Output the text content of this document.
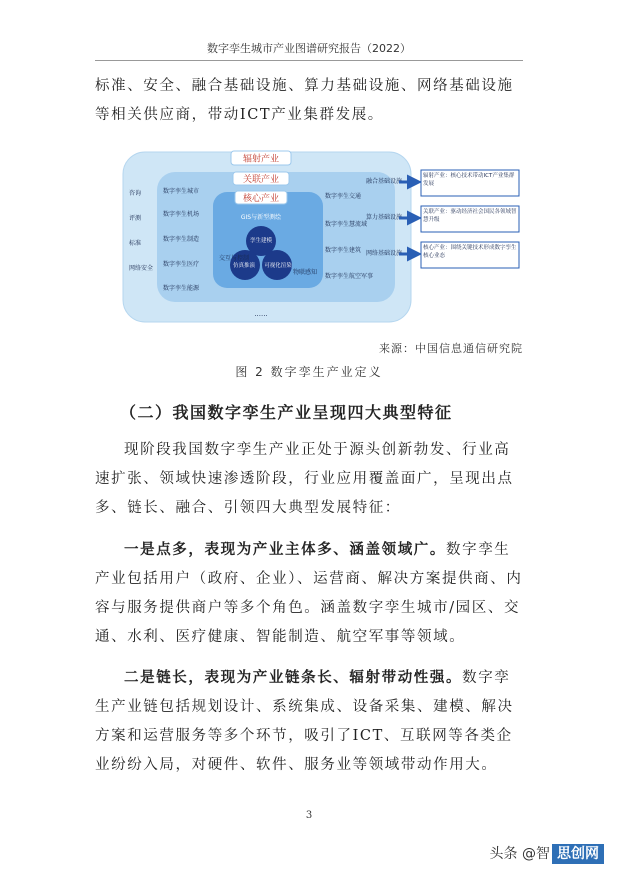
数字孪生城市产业图谱研究报告（2022）
标准、安全、融合基础设施、算力基础设施、网络基础设施等相关供应商，带动ICT产业集群发展。
辐射产业
关联产业
核心产业
GIS与新型测绘
孪生建模
仿真推演 可视化渲染
交互与控制
物联感知
咨询
评测
标准
网络安全
数字孪生城市
数字孪生机场
数字孪生制造
数字孪生医疗
数字孪生能源
数字孪生交通
数字孪生慧流域
数字孪生建筑
数字孪生航空军事
融合基础设施
算力基础设施
网络基础设施
辐射产业：核心技术带动ICT产业集群发展
关联产业：驱动经济社会国民各领域智慧升级
核心产业：围绕关键技术形成数字孪生核心业态
......
来源：中国信息通信研究院
图 2 数字孪生产业定义
（二）我国数字孪生产业呈现四大典型特征
现阶段我国数字孪生产业正处于源头创新勃发、行业高速扩张、领域快速渗透阶段，行业应用覆盖面广，呈现出点多、链长、融合、引领四大典型发展特征：
一是点多，表现为产业主体多、涵盖领域广。数字孪生产业包括用户（政府、企业）、运营商、解决方案提供商、内容与服务提供商户等多个角色。涵盖数字孪生城市/园区、交通、水利、医疗健康、智能制造、航空军事等领域。
二是链长，表现为产业链条长、辐射带动性强。数字孪生产业链包括规划设计、系统集成、设备采集、建模、解决方案和运营服务等多个环节，吸引了ICT、互联网等各类企业纷纷入局，对硬件、软件、服务业等领域带动作用大。
3
头条 @智 思创网
